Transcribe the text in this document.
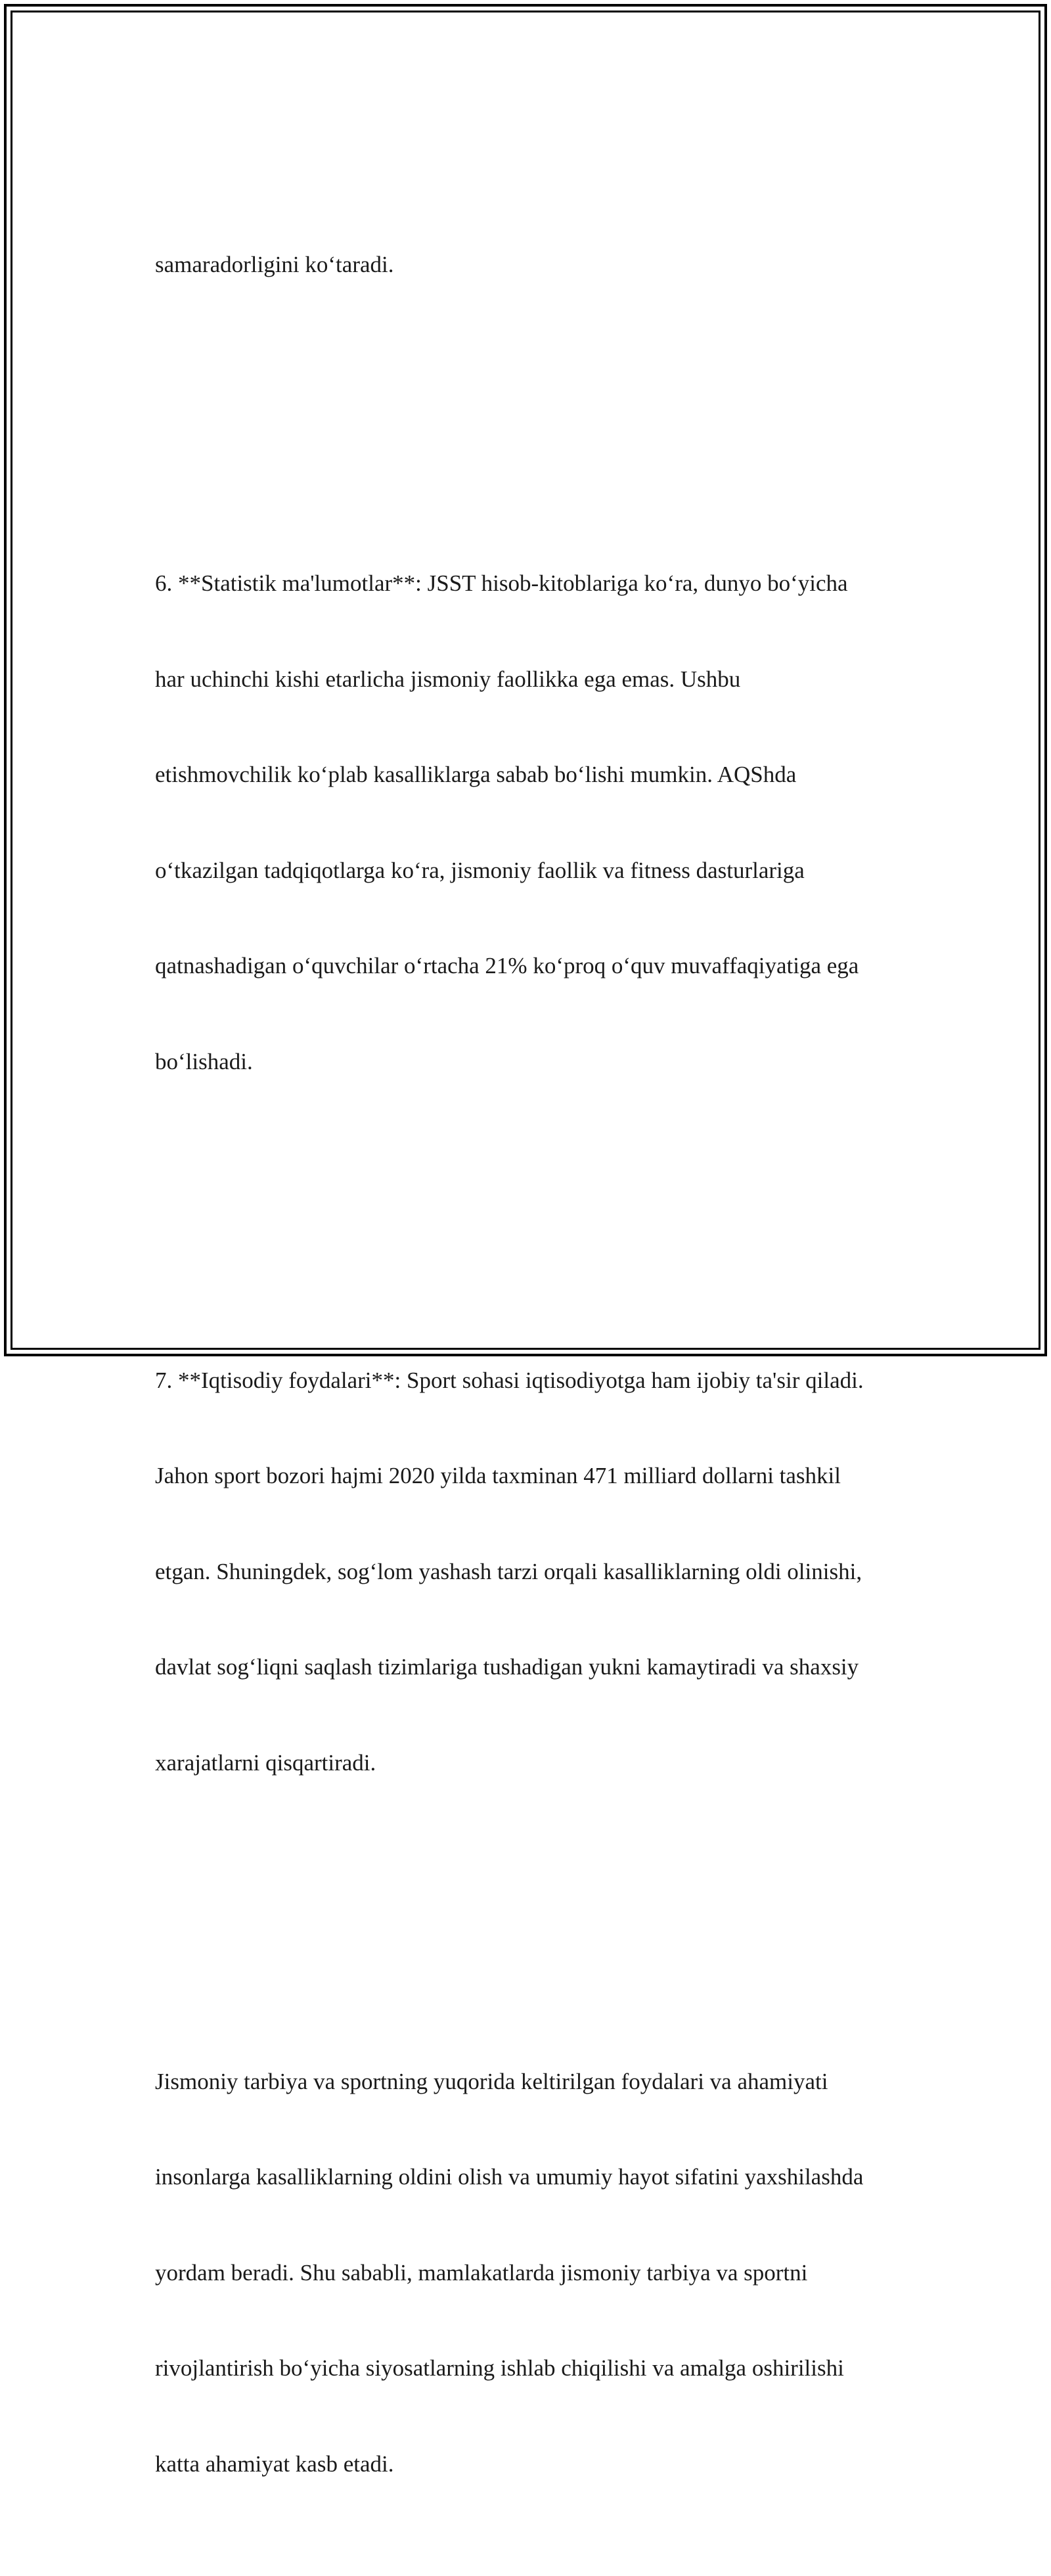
samaradorligini ko‘taradi.

6. **Statistik ma'lumotlar**: JSST hisob-kitoblariga ko‘ra, dunyo bo‘yicha

har uchinchi kishi etarlicha jismoniy faollikka ega emas. Ushbu

etishmovchilik ko‘plab kasalliklarga sabab bo‘lishi mumkin. AQShda

o‘tkazilgan tadqiqotlarga ko‘ra, jismoniy faollik va fitness dasturlariga

qatnashadigan o‘quvchilar o‘rtacha 21% ko‘proq o‘quv muvaffaqiyatiga ega

bo‘lishadi.

7. **Iqtisodiy foydalari**: Sport sohasi iqtisodiyotga ham ijobiy ta'sir qiladi.

Jahon sport bozori hajmi 2020 yilda taxminan 471 milliard dollarni tashkil

etgan. Shuningdek, sog‘lom yashash tarzi orqali kasalliklarning oldi olinishi,

davlat sog‘liqni saqlash tizimlariga tushadigan yukni kamaytiradi va shaxsiy

xarajatlarni qisqartiradi.

Jismoniy tarbiya va sportning yuqorida keltirilgan foydalari va ahamiyati

insonlarga kasalliklarning oldini olish va umumiy hayot sifatini yaxshilashda

yordam beradi. Shu sababli, mamlakatlarda jismoniy tarbiya va sportni

rivojlantirish bo‘yicha siyosatlarning ishlab chiqilishi va amalga oshirilishi

katta ahamiyat kasb etadi.
